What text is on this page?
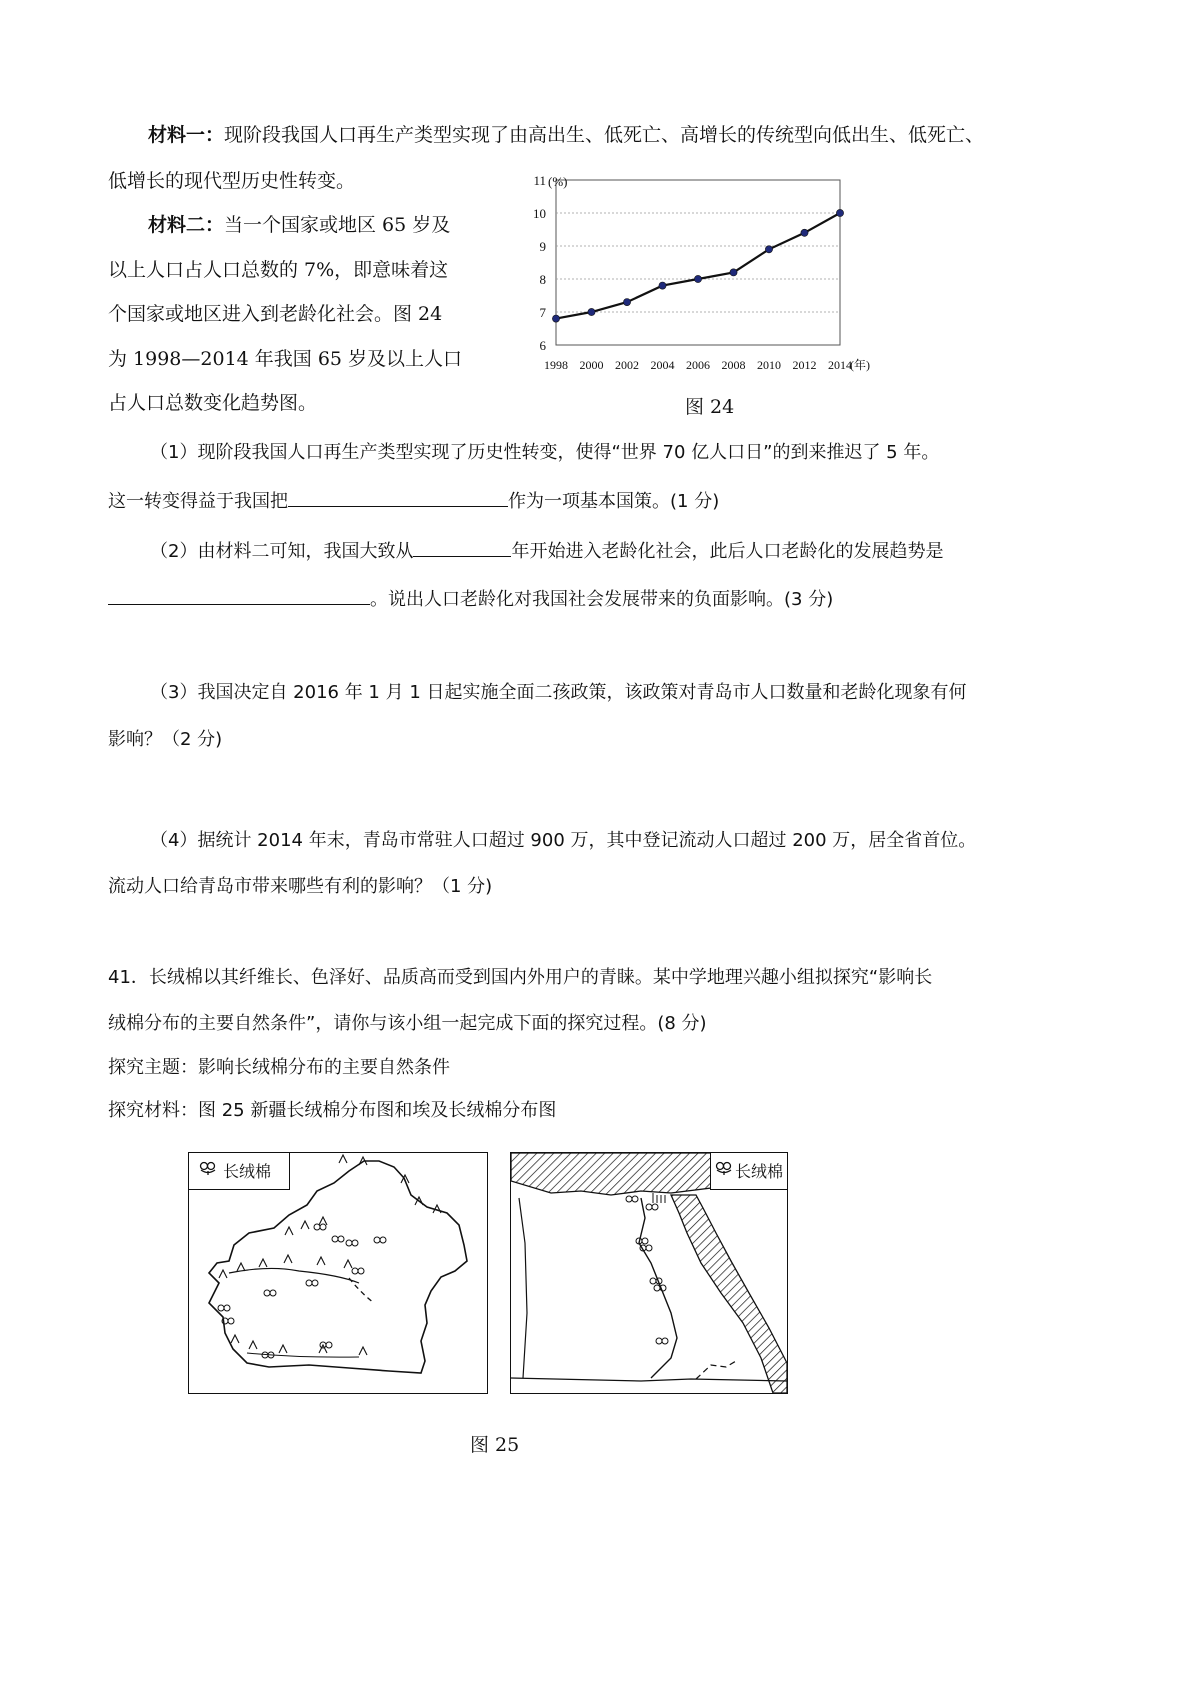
材料一：现阶段我国人口再生产类型实现了由高出生、低死亡、高增长的传统型向低出生、低死亡、
低增长的现代型历史性转变。
材料二：当一个国家或地区 65 岁及
以上人口占人口总数的 7%，即意味着这
个国家或地区进入到老龄化社会。图 24
为 1998—2014 年我国 65 岁及以上人口
占人口总数变化趋势图。
6
7
8
9
10
11 (%)
1998 2000 2002 2004 2006 2008 2010 2012 2014
(年)
图 24
（1）现阶段我国人口再生产类型实现了历史性转变，使得“世界 70 亿人口日”的到来推迟了 5 年。
这一转变得益于我国把	作为一项基本国策。(1 分)
（2）由材料二可知，我国大致从	年开始进入老龄化社会，此后人口老龄化的发展趋势是
。说出人口老龄化对我国社会发展带来的负面影响。(3 分)
（3）我国决定自 2016 年 1 月 1 日起实施全面二孩政策，该政策对青岛市人口数量和老龄化现象有何
影响？（2 分)
（4）据统计 2014 年末，青岛市常驻人口超过 900 万，其中登记流动人口超过 200 万，居全省首位。
流动人口给青岛市带来哪些有利的影响？（1 分)
41．长绒棉以其纤维长、色泽好、品质高而受到国内外用户的青睐。某中学地理兴趣小组拟探究“影响长
绒棉分布的主要自然条件”，请你与该小组一起完成下面的探究过程。(8 分)
探究主题：影响长绒棉分布的主要自然条件
探究材料：图 25 新疆长绒棉分布图和埃及长绒棉分布图
长绒棉	长绒棉
图 25
